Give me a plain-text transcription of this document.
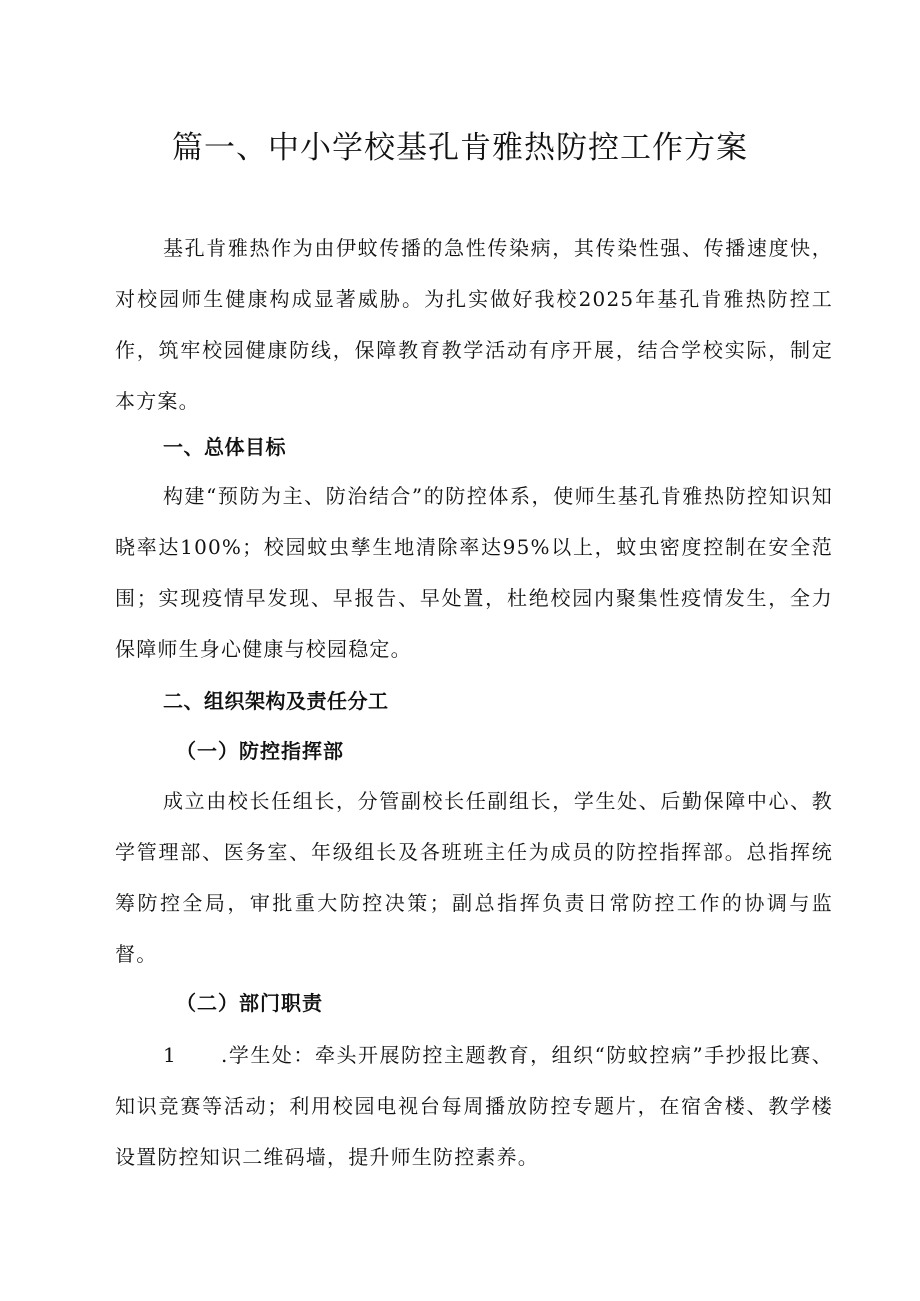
篇一、中小学校基孔肯雅热防控工作方案

基孔肯雅热作为由伊蚊传播的急性传染病，其传染性强、传播速度快，对校园师生健康构成显著威胁。为扎实做好我校2025年基孔肯雅热防控工作，筑牢校园健康防线，保障教育教学活动有序开展，结合学校实际，制定本方案。

一、总体目标

构建“预防为主、防治结合”的防控体系，使师生基孔肯雅热防控知识知晓率达100%；校园蚊虫孳生地清除率达95%以上，蚊虫密度控制在安全范围；实现疫情早发现、早报告、早处置，杜绝校园内聚集性疫情发生，全力保障师生身心健康与校园稳定。

二、组织架构及责任分工
（一）防控指挥部

成立由校长任组长，分管副校长任副组长，学生处、后勤保障中心、教学管理部、医务室、年级组长及各班班主任为成员的防控指挥部。总指挥统筹防控全局，审批重大防控决策；副总指挥负责日常防控工作的协调与监督。

（二）部门职责

1 .学生处：牵头开展防控主题教育，组织“防蚊控病”手抄报比赛、知识竞赛等活动；利用校园电视台每周播放防控专题片，在宿舍楼、教学楼设置防控知识二维码墙，提升师生防控素养。
